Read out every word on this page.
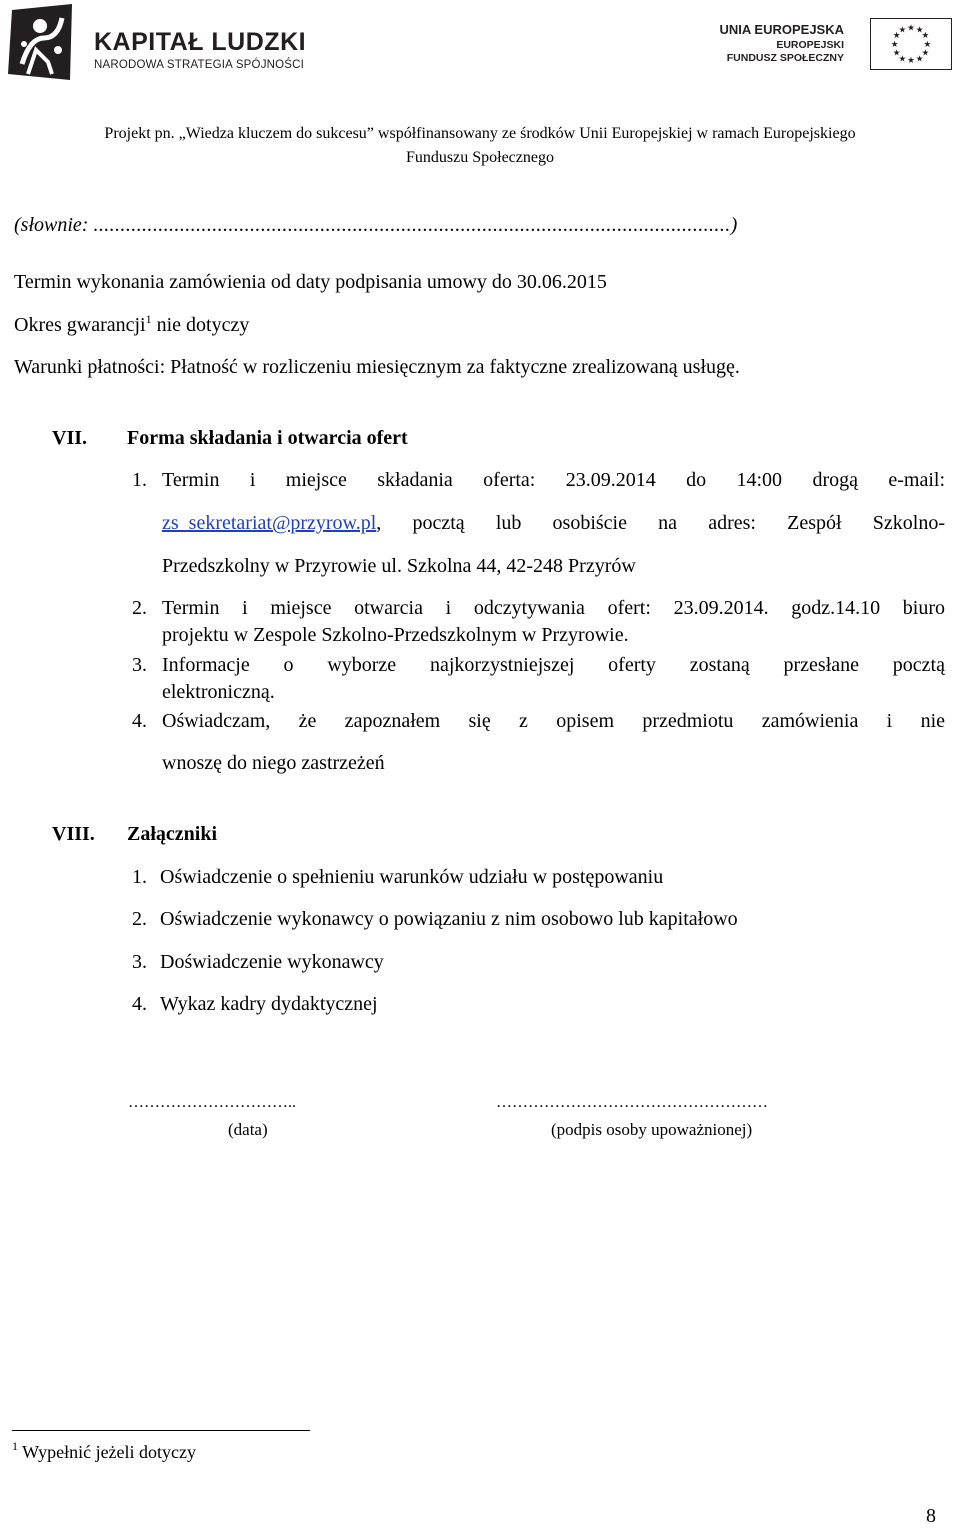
KAPITAŁ LUDZKI
NARODOWA STRATEGIA SPÓJNOŚCI
UNIA EUROPEJSKA
EUROPEJSKI
FUNDUSZ SPOŁECZNY
★ ★
★
★
★
★
★
★
★
★
★
★
Projekt pn. „Wiedza kluczem do sukcesu” współfinansowany ze środków Unii Europejskiej w ramach Europejskiego
Funduszu Społecznego
(słownie: ......................................................................................................................)
Termin wykonania zamówienia od daty podpisania umowy do 30.06.2015
Okres gwarancji$^1$ nie dotyczy
Warunki płatności: Płatność w rozliczeniu miesięcznym za faktyczne zrealizowaną usługę.
VII. Forma składania i otwarcia ofert
1. Termin i miejsce składania oferta: 23.09.2014 do 14:00 drogą e-mail:
zs_sekretariat@przyrow.pl, pocztą lub osobiście na adres: Zespół Szkolno-
Przedszkolny w Przyrowie ul. Szkolna 44, 42-248 Przyrów
2. Termin i miejsce otwarcia i odczytywania ofert: 23.09.2014. godz.14.10 biuro
projektu w Zespole Szkolno-Przedszkolnym w Przyrowie.
3. Informacje o wyborze najkorzystniejszej oferty zostaną przesłane pocztą
elektroniczną.
4. Oświadczam, że zapoznałem się z opisem przedmiotu zamówienia i nie
wnoszę do niego zastrzeżeń
VIII. Załączniki
1. Oświadczenie o spełnieniu warunków udziału w postępowaniu
2. Oświadczenie wykonawcy o powiązaniu z nim osobowo lub kapitałowo
3. Doświadczenie wykonawcy
4. Wykaz kadry dydaktycznej
…………………………..
(data)
……………………………………………
(podpis osoby upoważnionej)
$^1$ Wypełnić jeżeli dotyczy
8
